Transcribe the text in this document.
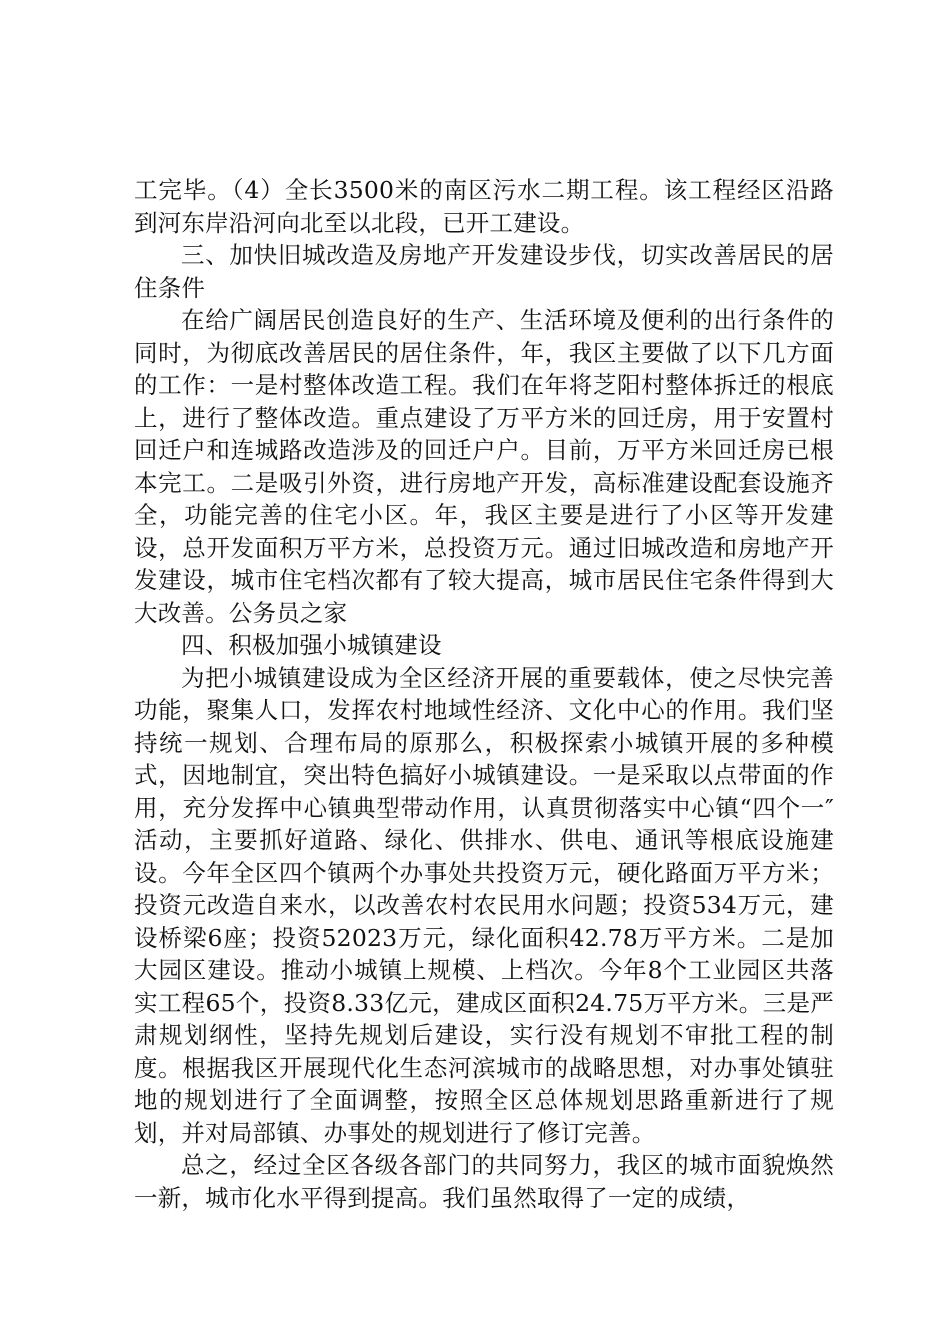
工完毕。（4）全长3500米的南区污水二期工程。该工程经区沿路到河东岸沿河向北至以北段，已开工建设。

三、加快旧城改造及房地产开发建设步伐，切实改善居民的居住条件

在给广阔居民创造良好的生产、生活环境及便利的出行条件的同时，为彻底改善居民的居住条件，年，我区主要做了以下几方面的工作：一是村整体改造工程。我们在年将芝阳村整体拆迁的根底上，进行了整体改造。重点建设了万平方米的回迁房，用于安置村回迁户和连城路改造涉及的回迁户户。目前，万平方米回迁房已根本完工。二是吸引外资，进行房地产开发，高标准建设配套设施齐全，功能完善的住宅小区。年，我区主要是进行了小区等开发建设，总开发面积万平方米，总投资万元。通过旧城改造和房地产开发建设，城市住宅档次都有了较大提高，城市居民住宅条件得到大大改善。公务员之家

四、积极加强小城镇建设

为把小城镇建设成为全区经济开展的重要载体，使之尽快完善功能，聚集人口，发挥农村地域性经济、文化中心的作用。我们坚持统一规划、合理布局的原那么，积极探索小城镇开展的多种模式，因地制宜，突出特色搞好小城镇建设。一是采取以点带面的作用，充分发挥中心镇典型带动作用，认真贯彻落实中心镇“四个一″活动，主要抓好道路、绿化、供排水、供电、通讯等根底设施建设。今年全区四个镇两个办事处共投资万元，硬化路面万平方米；投资元改造自来水，以改善农村农民用水问题；投资534万元，建设桥梁6座；投资52023万元，绿化面积42.78万平方米。二是加大园区建设。推动小城镇上规模、上档次。今年8个工业园区共落实工程65个，投资8.33亿元，建成区面积24.75万平方米。三是严肃规划纲性，坚持先规划后建设，实行没有规划不审批工程的制度。根据我区开展现代化生态河滨城市的战略思想，对办事处镇驻地的规划进行了全面调整，按照全区总体规划思路重新进行了规划，并对局部镇、办事处的规划进行了修订完善。

总之，经过全区各级各部门的共同努力，我区的城市面貌焕然一新，城市化水平得到提高。我们虽然取得了一定的成绩，
